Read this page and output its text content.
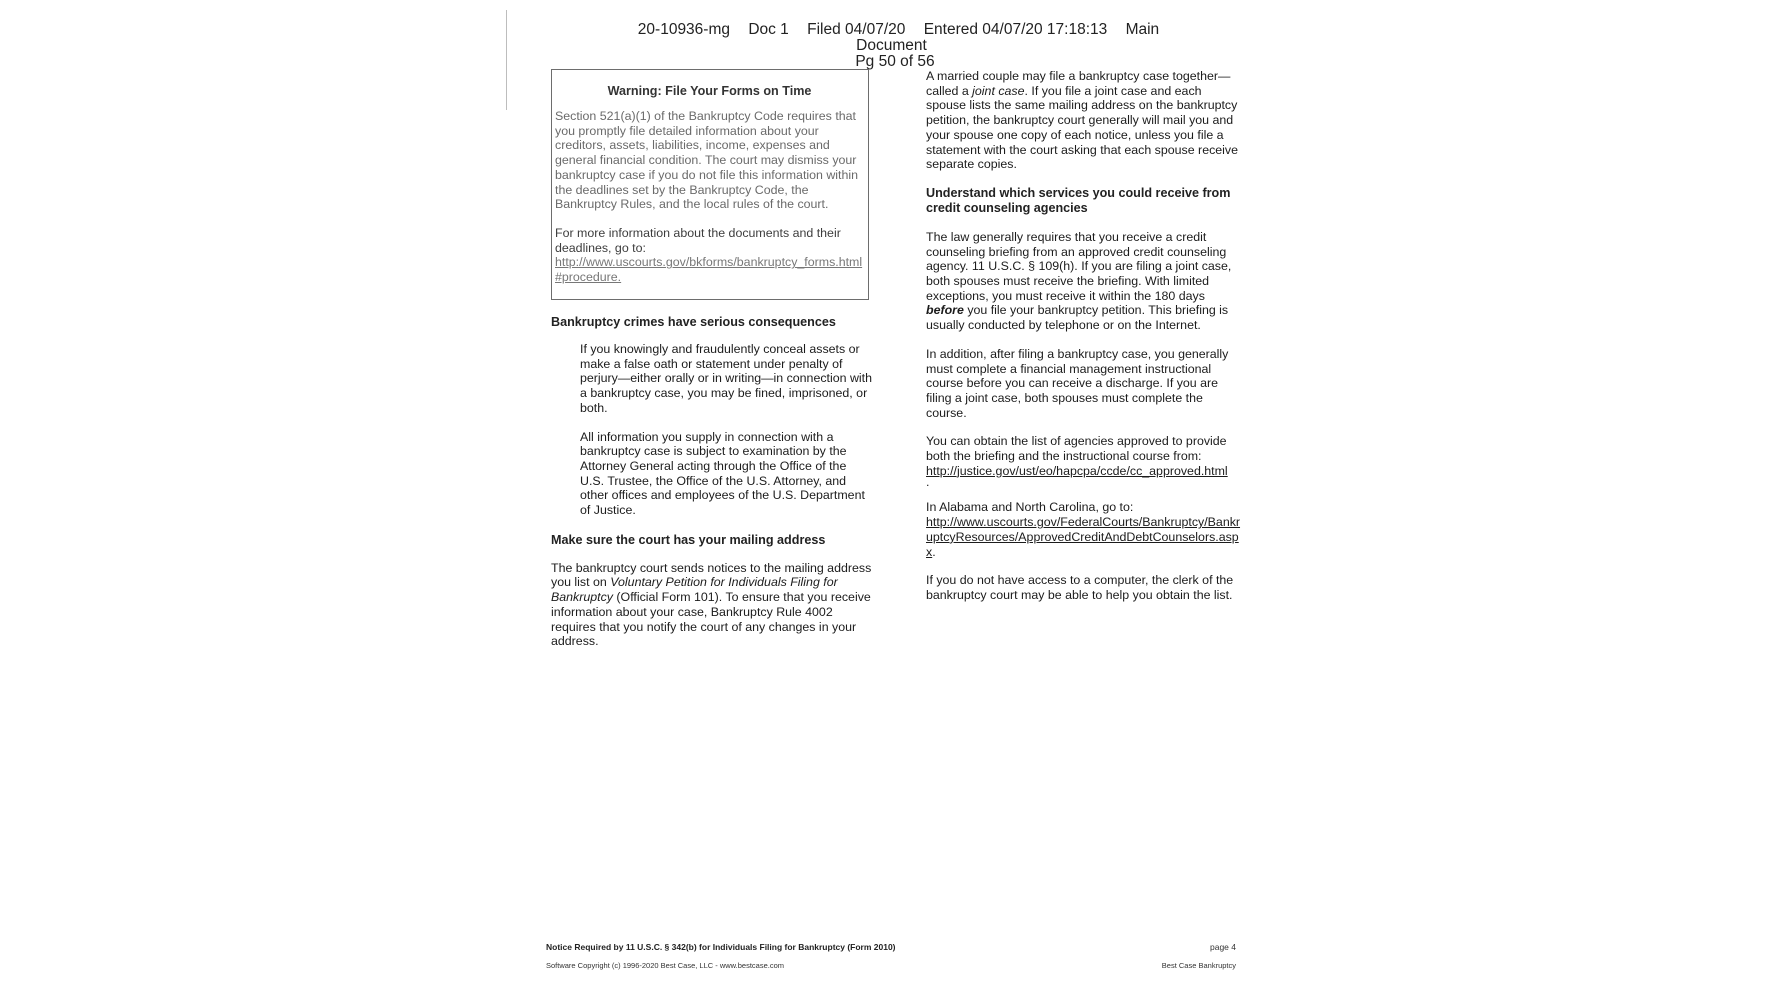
20-10936-mg Doc 1 Filed 04/07/20 Entered 04/07/20 17:18:13 Main Document
Pg 50 of 56
Warning: File Your Forms on Time

Section 521(a)(1) of the Bankruptcy Code requires that you promptly file detailed information about your creditors, assets, liabilities, income, expenses and general financial condition. The court may dismiss your bankruptcy case if you do not file this information within the deadlines set by the Bankruptcy Code, the Bankruptcy Rules, and the local rules of the court.

For more information about the documents and their deadlines, go to:

http://www.uscourts.gov/bkforms/bankruptcy_forms.html#procedure.

Bankruptcy crimes have serious consequences

If you knowingly and fraudulently conceal assets or make a false oath or statement under penalty of perjury—either orally or in writing—in connection with a bankruptcy case, you may be fined, imprisoned, or both.

All information you supply in connection with a bankruptcy case is subject to examination by the Attorney General acting through the Office of the U.S. Trustee, the Office of the U.S. Attorney, and other offices and employees of the U.S. Department of Justice.

Make sure the court has your mailing address

The bankruptcy court sends notices to the mailing address you list on Voluntary Petition for Individuals Filing for Bankruptcy (Official Form 101). To ensure that you receive information about your case, Bankruptcy Rule 4002 requires that you notify the court of any changes in your address.

A married couple may file a bankruptcy case together—called a joint case. If you file a joint case and each spouse lists the same mailing address on the bankruptcy petition, the bankruptcy court generally will mail you and your spouse one copy of each notice, unless you file a statement with the court asking that each spouse receive separate copies.

Understand which services you could receive from credit counseling agencies

The law generally requires that you receive a credit counseling briefing from an approved credit counseling agency. 11 U.S.C. § 109(h). If you are filing a joint case, both spouses must receive the briefing. With limited exceptions, you must receive it within the 180 days before you file your bankruptcy petition. This briefing is usually conducted by telephone or on the Internet.

In addition, after filing a bankruptcy case, you generally must complete a financial management instructional course before you can receive a discharge. If you are filing a joint case, both spouses must complete the course.

You can obtain the list of agencies approved to provide both the briefing and the instructional course from:

http://justice.gov/ust/eo/hapcpa/ccde/cc_approved.html

.

In Alabama and North Carolina, go to:

http://www.uscourts.gov/FederalCourts/Bankruptcy/BankruptcyResources/ApprovedCreditAndDebtCounselors.aspx.

If you do not have access to a computer, the clerk of the bankruptcy court may be able to help you obtain the list.

Notice Required by 11 U.S.C. § 342(b) for Individuals Filing for Bankruptcy (Form 2010)
Software Copyright (c) 1996-2020 Best Case, LLC - www.bestcase.com
page 4
Best Case Bankruptcy
